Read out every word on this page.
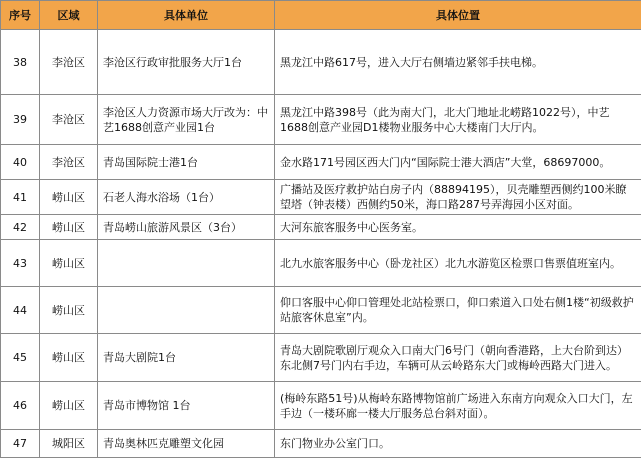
序号	区域	具体单位	具体位置
38	李沧区	李沧区行政审批服务大厅1台	黑龙江中路617号，进入大厅右侧墙边紧邻手扶电梯。
39	李沧区	李沧区人力资源市场大厅改为：中艺1688创意产业园1台	黑龙江中路398号（此为南大门，北大门地址北崂路1022号），中艺1688创意产业园D1楼物业服务中心大楼南门大厅内。
40	李沧区	青岛国际院士港1台	金水路171号园区西大门内“国际院士港大酒店”大堂，68697000。
41	崂山区	石老人海水浴场（1台）	广播站及医疗救护站白房子内（88894195），贝壳雕塑西侧约100米瞭望塔（钟表楼）西侧约50米，海口路287号弄海园小区对面。
42	崂山区	青岛崂山旅游风景区（3台）	大河东旅客服务中心医务室。
43	崂山区		北九水旅客服务中心（卧龙社区）北九水游览区检票口售票值班室内。
44	崂山区		仰口客服中心仰口管理处北站检票口，仰口索道入口处右侧1楼“初级救护站旅客休息室”内。
45	崂山区	青岛大剧院1台	青岛大剧院歌剧厅观众入口南大门6号门（朝向香港路，上大台阶到达）东北侧7号门内右手边，车辆可从云岭路东大门或梅岭西路大门进入。
46	崂山区	青岛市博物馆 1台	(梅岭东路51号)从梅岭东路博物馆前广场进入东南方向观众入口大门，左手边（一楼环廊一楼大厅服务总台斜对面）。
47	城阳区	青岛奥林匹克雕塑文化园	东门物业办公室门口。
